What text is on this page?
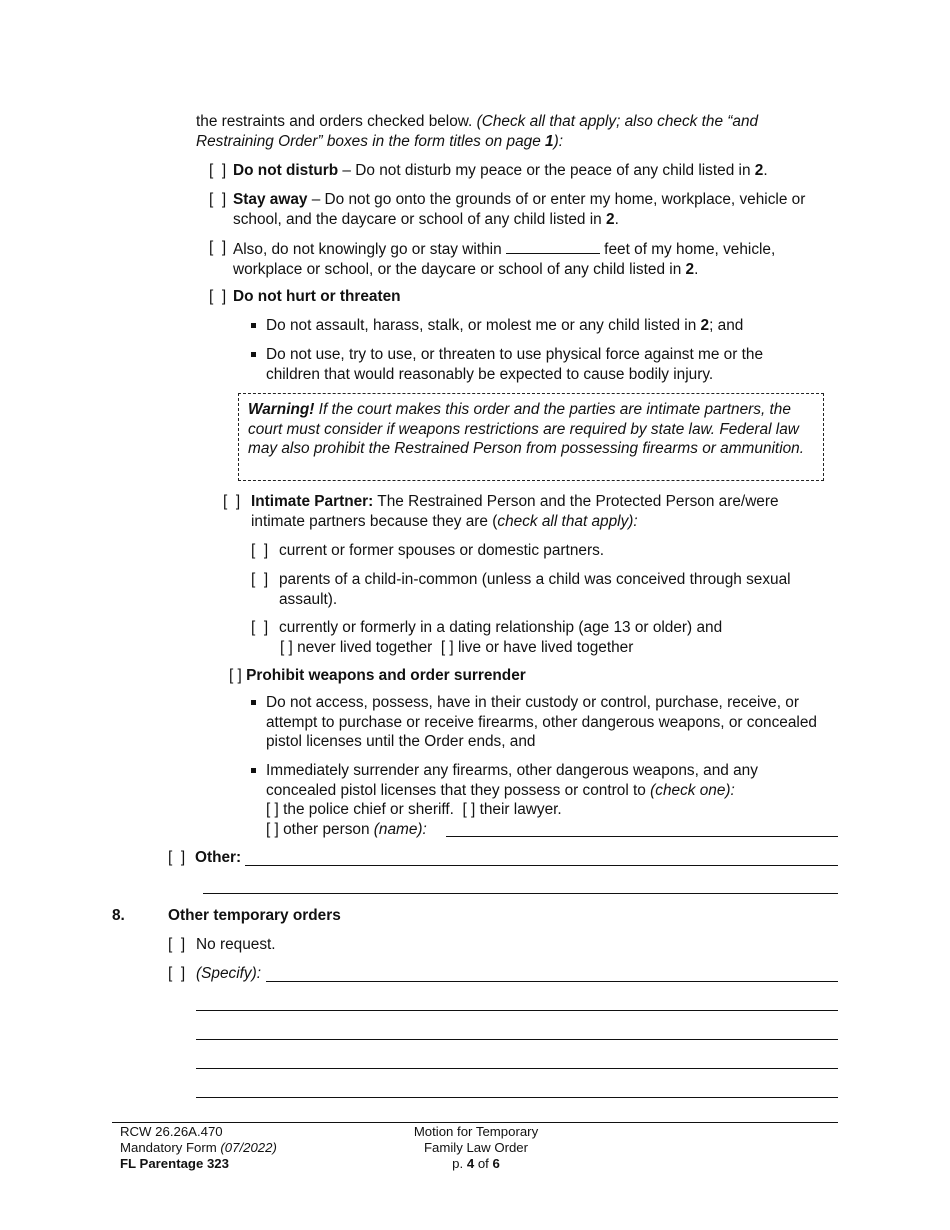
the restraints and orders checked below. (Check all that apply; also check the “and Restraining Order” boxes in the form titles on page 1):
[  ] Do not disturb – Do not disturb my peace or the peace of any child listed in 2.
[  ] Stay away – Do not go onto the grounds of or enter my home, workplace, vehicle or school, and the daycare or school of any child listed in 2.
[  ] Also, do not knowingly go or stay within	feet of my home, vehicle, workplace or school, or the daycare or school of any child listed in 2.
[  ] Do not hurt or threaten
Do not assault, harass, stalk, or molest me or any child listed in 2; and
Do not use, try to use, or threaten to use physical force against me or the children that would reasonably be expected to cause bodily injury.
Warning! If the court makes this order and the parties are intimate partners, the court must consider if weapons restrictions are required by state law. Federal law may also prohibit the Restrained Person from possessing firearms or ammunition.
[  ] Intimate Partner: The Restrained Person and the Protected Person are/were intimate partners because they are (check all that apply):
[  ] current or former spouses or domestic partners.
[  ] parents of a child-in-common (unless a child was conceived through sexual assault).
[  ] currently or formerly in a dating relationship (age 13 or older) and
[ ] never lived together [ ] live or have lived together
[ ] Prohibit weapons and order surrender
Do not access, possess, have in their custody or control, purchase, receive, or attempt to purchase or receive firearms, other dangerous weapons, or concealed pistol licenses until the Order ends, and
Immediately surrender any firearms, other dangerous weapons, and any concealed pistol licenses that they possess or control to (check one):
[ ] the police chief or sheriff. [ ] their lawyer.
[ ] other person (name):
[  ] Other:
8.	Other temporary orders
[  ] No request.
[  ] (Specify):
RCW 26.26A.470
Mandatory Form (07/2022)
FL Parentage 323
Motion for Temporary
Family Law Order
p. 4 of 6
